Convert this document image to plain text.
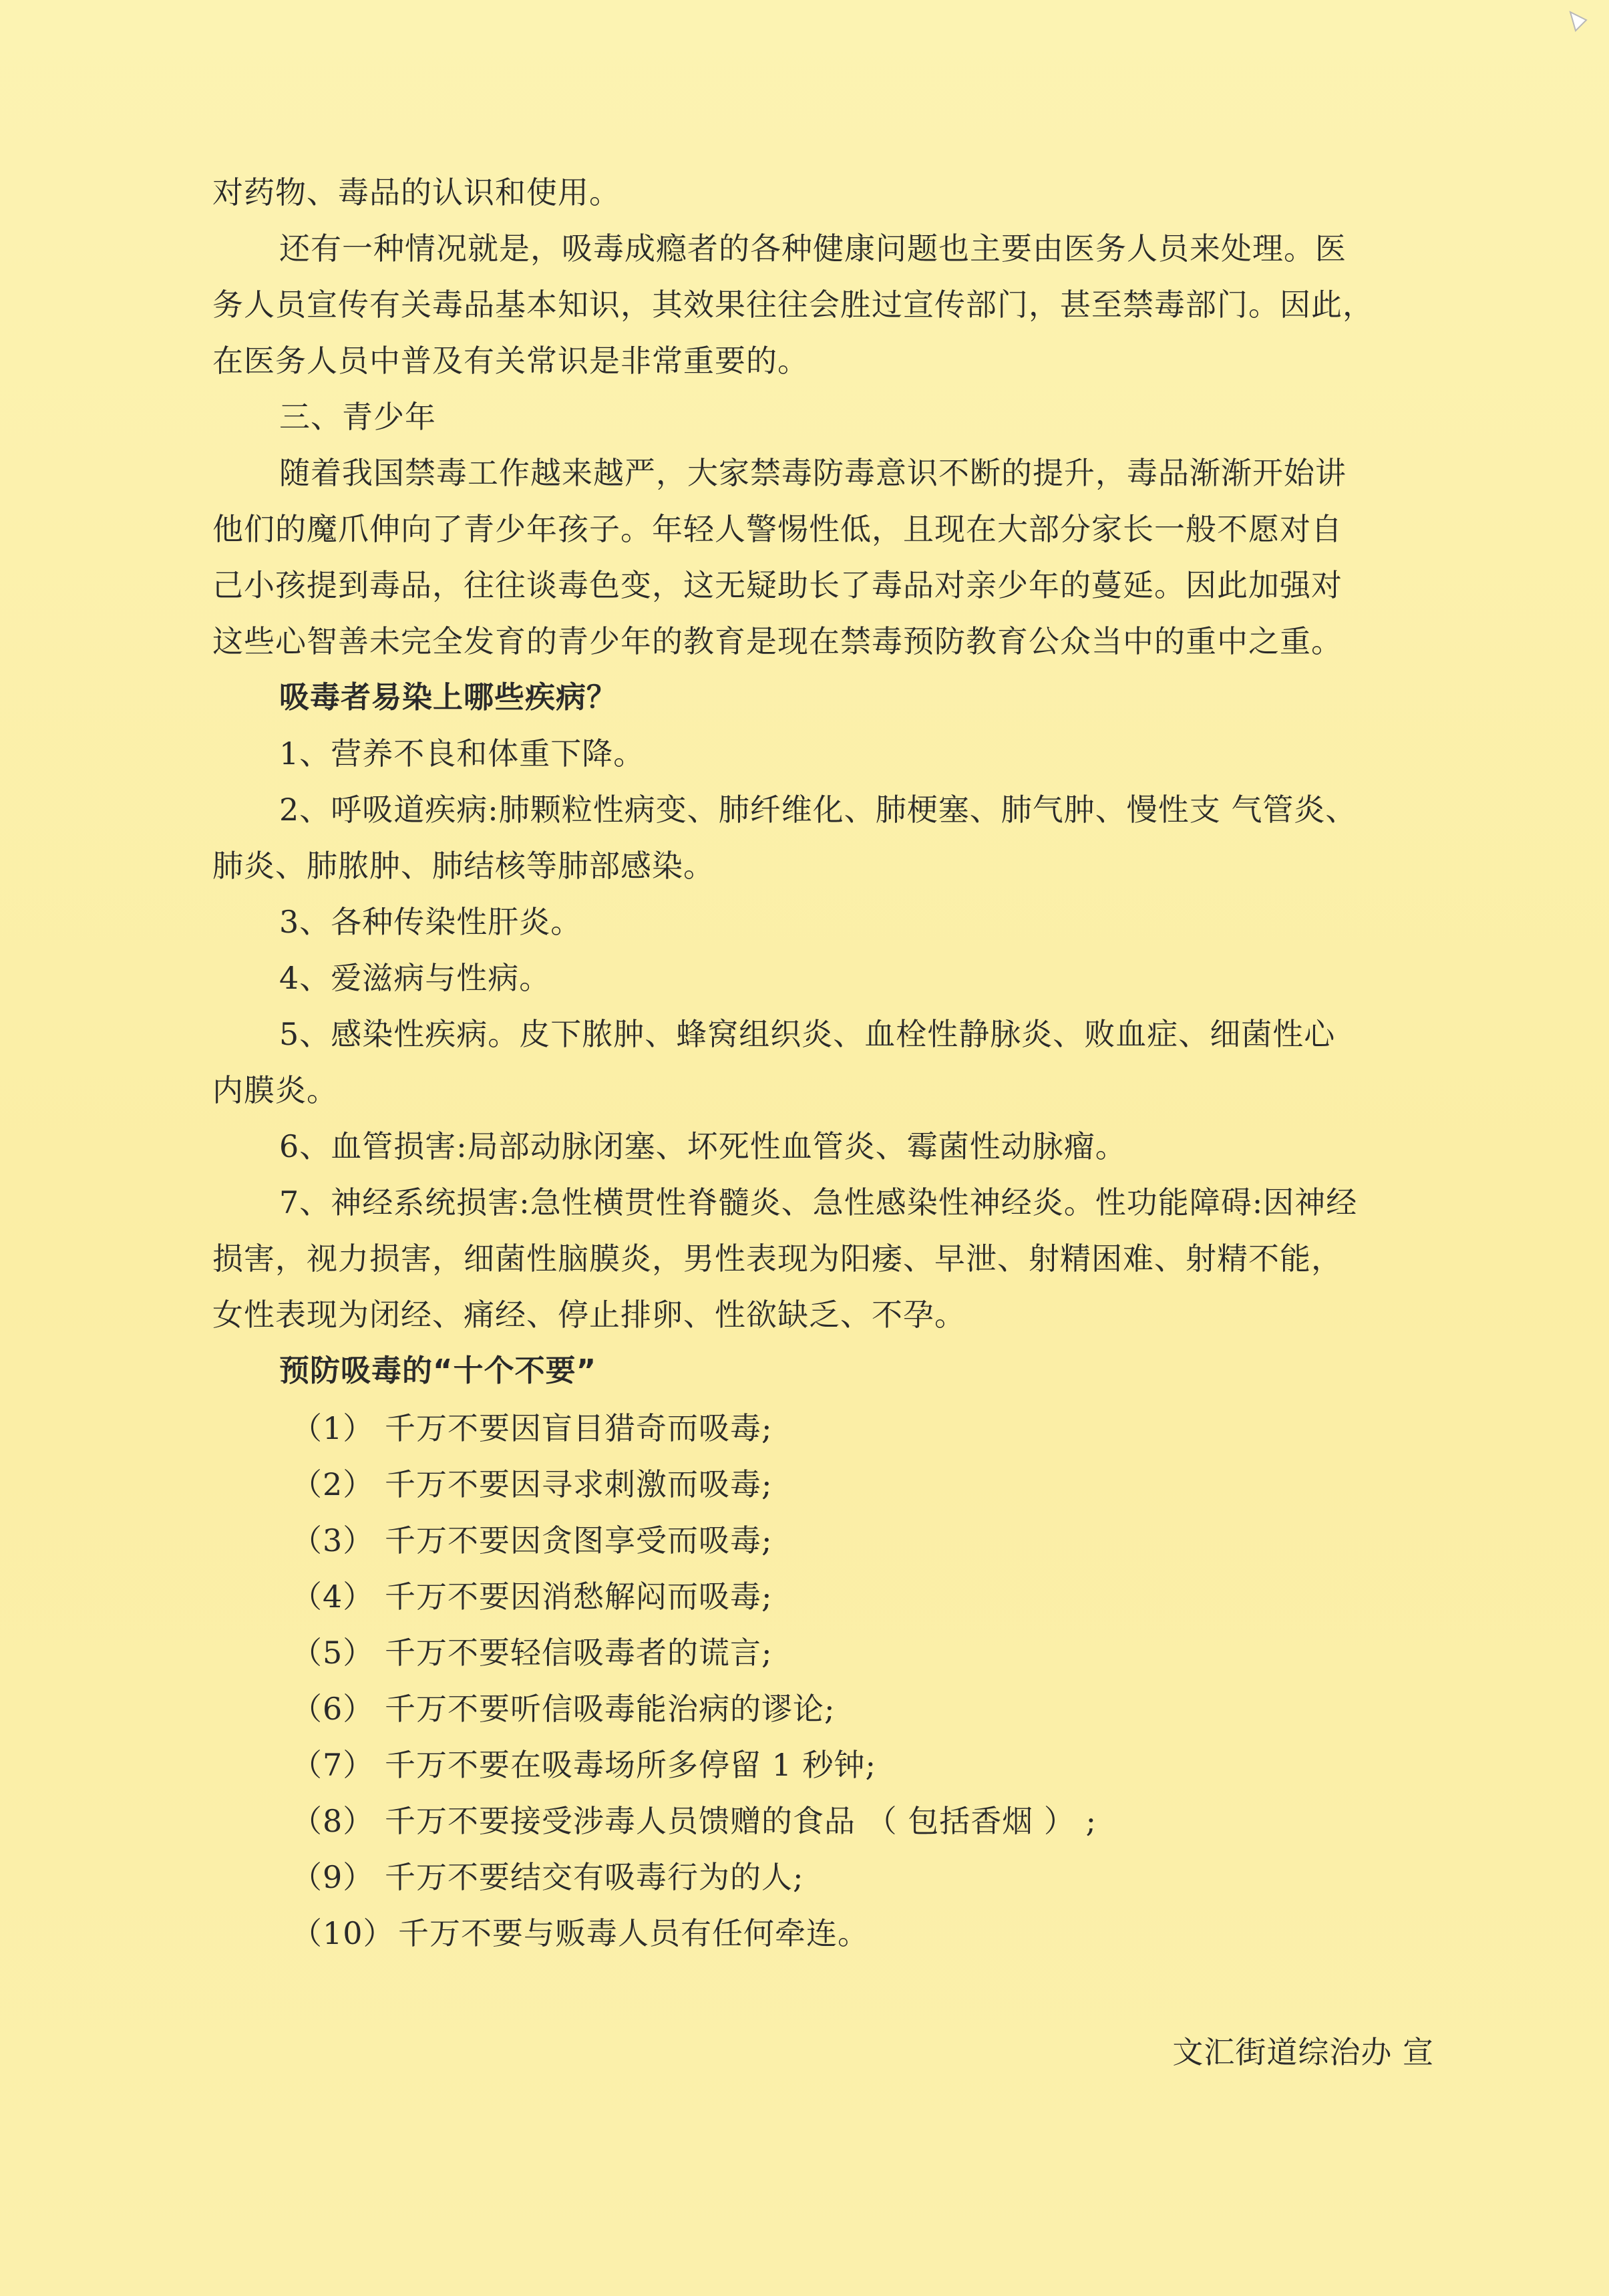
对药物、毒品的认识和使用。
还有一种情况就是，吸毒成瘾者的各种健康问题也主要由医务人员来处理。医
务人员宣传有关毒品基本知识，其效果往往会胜过宣传部门，甚至禁毒部门。因此，
在医务人员中普及有关常识是非常重要的。
三、青少年
随着我国禁毒工作越来越严，大家禁毒防毒意识不断的提升，毒品渐渐开始讲
他们的魔爪伸向了青少年孩子。年轻人警惕性低，且现在大部分家长一般不愿对自
己小孩提到毒品，往往谈毒色变，这无疑助长了毒品对亲少年的蔓延。因此加强对
这些心智善未完全发育的青少年的教育是现在禁毒预防教育公众当中的重中之重。
吸毒者易染上哪些疾病？
1、营养不良和体重下降。
2、呼吸道疾病:肺颗粒性病变、肺纤维化、肺梗塞、肺气肿、慢性支 气管炎、
肺炎、肺脓肿、肺结核等肺部感染。
3、各种传染性肝炎。
4、爱滋病与性病。
5、感染性疾病。皮下脓肿、蜂窝组织炎、血栓性静脉炎、败血症、细菌性心
内膜炎。
6、血管损害:局部动脉闭塞、坏死性血管炎、霉菌性动脉瘤。
7、神经系统损害:急性横贯性脊髓炎、急性感染性神经炎。性功能障碍:因神经
损害，视力损害，细菌性脑膜炎，男性表现为阳痿、早泄、射精困难、射精不能，
女性表现为闭经、痛经、停止排卵、性欲缺乏、不孕。
预防吸毒的“十个不要”
（1） 千万不要因盲目猎奇而吸毒;
（2） 千万不要因寻求刺激而吸毒;
（3） 千万不要因贪图享受而吸毒;
（4） 千万不要因消愁解闷而吸毒;
（5） 千万不要轻信吸毒者的谎言;
（6） 千万不要听信吸毒能治病的谬论;
（7） 千万不要在吸毒场所多停留 1 秒钟;
（8） 千万不要接受涉毒人员馈赠的食品 （ 包括香烟 ） ;
（9） 千万不要结交有吸毒行为的人;
（10） 千万不要与贩毒人员有任何牵连。
文汇街道综治办 宣
